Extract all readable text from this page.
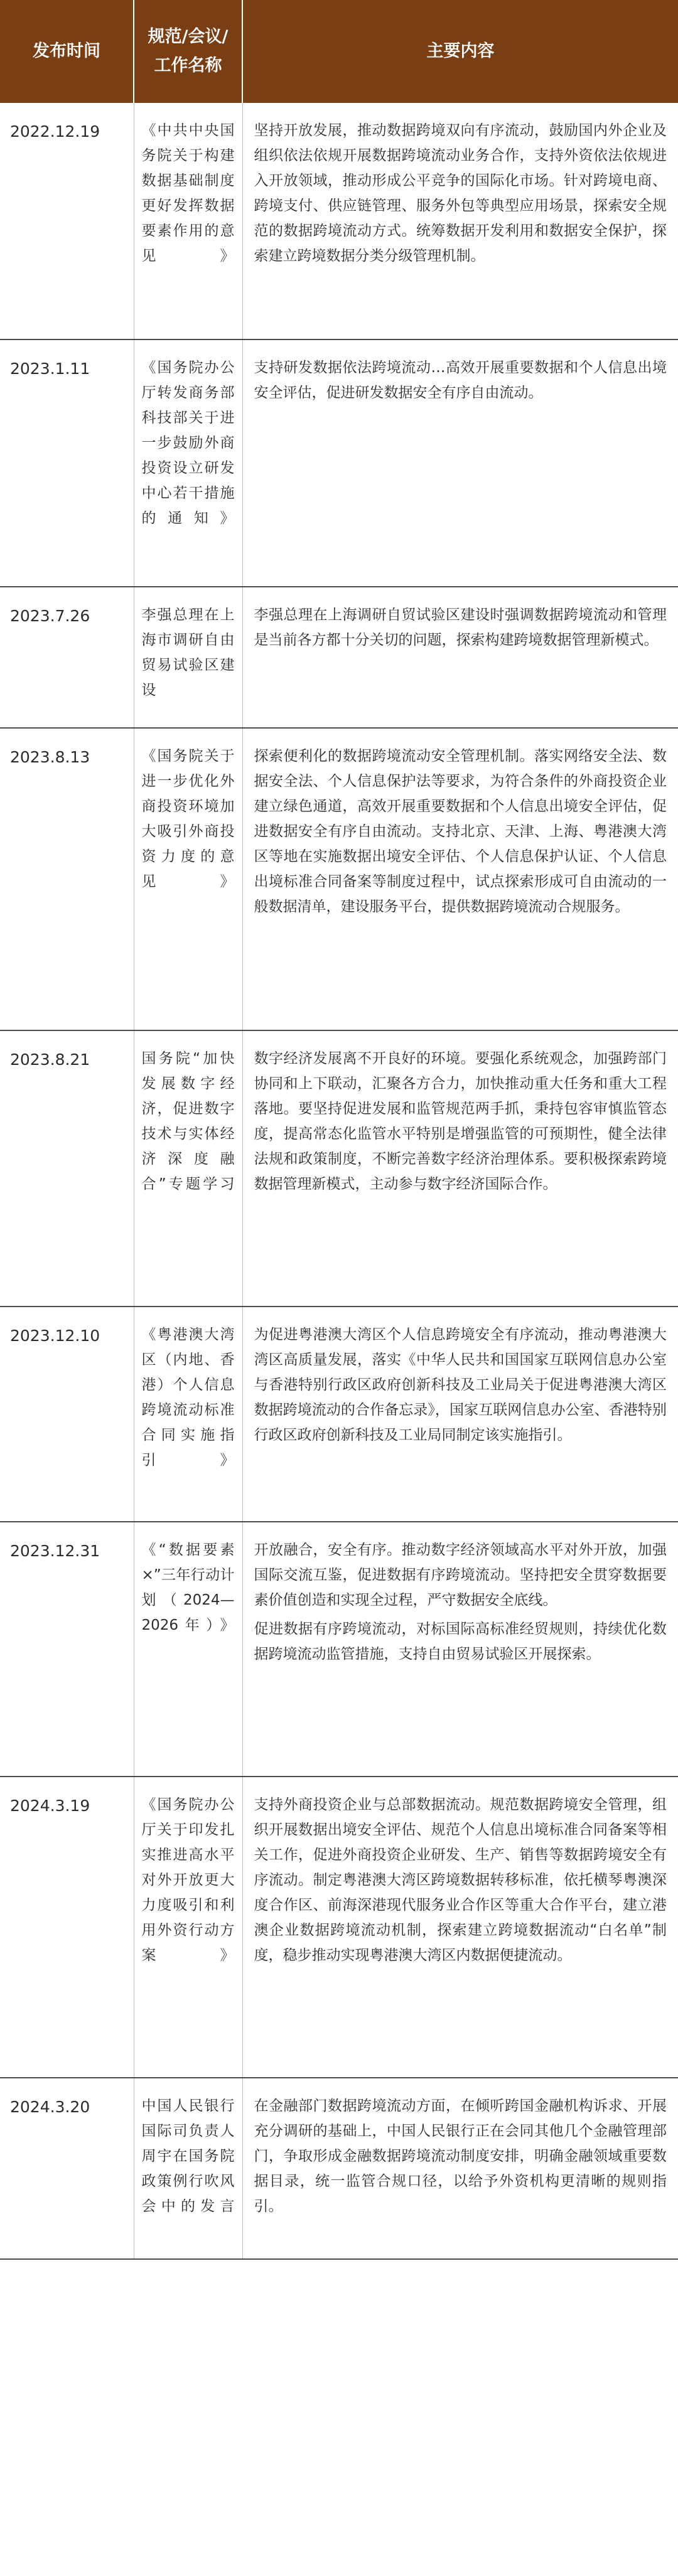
发布时间	规范/会议/工作名称	主要内容
2022.12.19	《中共中央国务院关于构建数据基础制度更好发挥数据要素作用的意见》	坚持开放发展，推动数据跨境双向有序流动，鼓励国内外企业及组织依法依规开展数据跨境流动业务合作，支持外资依法依规进入开放领域，推动形成公平竞争的国际化市场。针对跨境电商、跨境支付、供应链管理、服务外包等典型应用场景，探索安全规范的数据跨境流动方式。统筹数据开发利用和数据安全保护，探索建立跨境数据分类分级管理机制。

2023.1.11	《国务院办公厅转发商务部科技部关于进一步鼓励外商投资设立研发中心若干措施的通知》	支持研发数据依法跨境流动…高效开展重要数据和个人信息出境安全评估，促进研发数据安全有序自由流动。

2023.7.26	李强总理在上海市调研自由贸易试验区建设	李强总理在上海调研自贸试验区建设时强调数据跨境流动和管理是当前各方都十分关切的问题，探索构建跨境数据管理新模式。

2023.8.13	《国务院关于进一步优化外商投资环境加大吸引外商投资力度的意见》	探索便利化的数据跨境流动安全管理机制。落实网络安全法、数据安全法、个人信息保护法等要求，为符合条件的外商投资企业建立绿色通道，高效开展重要数据和个人信息出境安全评估，促进数据安全有序自由流动。支持北京、天津、上海、粤港澳大湾区等地在实施数据出境安全评估、个人信息保护认证、个人信息出境标准合同备案等制度过程中，试点探索形成可自由流动的一般数据清单，建设服务平台，提供数据跨境流动合规服务。

2023.8.21	国务院“加快发展数字经济，促进数字技术与实体经济深度融合”专题学习	数字经济发展离不开良好的环境。要强化系统观念，加强跨部门协同和上下联动，汇聚各方合力，加快推动重大任务和重大工程落地。要坚持促进发展和监管规范两手抓，秉持包容审慎监管态度，提高常态化监管水平特别是增强监管的可预期性，健全法律法规和政策制度，不断完善数字经济治理体系。要积极探索跨境数据管理新模式，主动参与数字经济国际合作。

2023.12.10	《粤港澳大湾区（内地、香港）个人信息跨境流动标准合同实施指引》	为促进粤港澳大湾区个人信息跨境安全有序流动，推动粤港澳大湾区高质量发展，落实《中华人民共和国国家互联网信息办公室与香港特别行政区政府创新科技及工业局关于促进粤港澳大湾区数据跨境流动的合作备忘录》，国家互联网信息办公室、香港特别行政区政府创新科技及工业局同制定该实施指引。

2023.12.31	《“数据要素×”三年行动计划（2024—2026年）》	开放融合，安全有序。推动数字经济领域高水平对外开放，加强国际交流互鉴，促进数据有序跨境流动。坚持把安全贯穿数据要素价值创造和实现全过程，严守数据安全底线。

促进数据有序跨境流动，对标国际高标准经贸规则，持续优化数据跨境流动监管措施，支持自由贸易试验区开展探索。

2024.3.19	《国务院办公厅关于印发扎实推进高水平对外开放更大力度吸引和利用外资行动方案》	支持外商投资企业与总部数据流动。规范数据跨境安全管理，组织开展数据出境安全评估、规范个人信息出境标准合同备案等相关工作，促进外商投资企业研发、生产、销售等数据跨境安全有序流动。制定粤港澳大湾区跨境数据转移标准，依托横琴粤澳深度合作区、前海深港现代服务业合作区等重大合作平台，建立港澳企业数据跨境流动机制，探索建立跨境数据流动“白名单”制度，稳步推动实现粤港澳大湾区内数据便捷流动。

2024.3.20	中国人民银行国际司负责人周宇在国务院政策例行吹风会中的发言	在金融部门数据跨境流动方面，在倾听跨国金融机构诉求、开展充分调研的基础上，中国人民银行正在会同其他几个金融管理部门，争取形成金融数据跨境流动制度安排，明确金融领域重要数据目录，统一监管合规口径，以给予外资机构更清晰的规则指引。
